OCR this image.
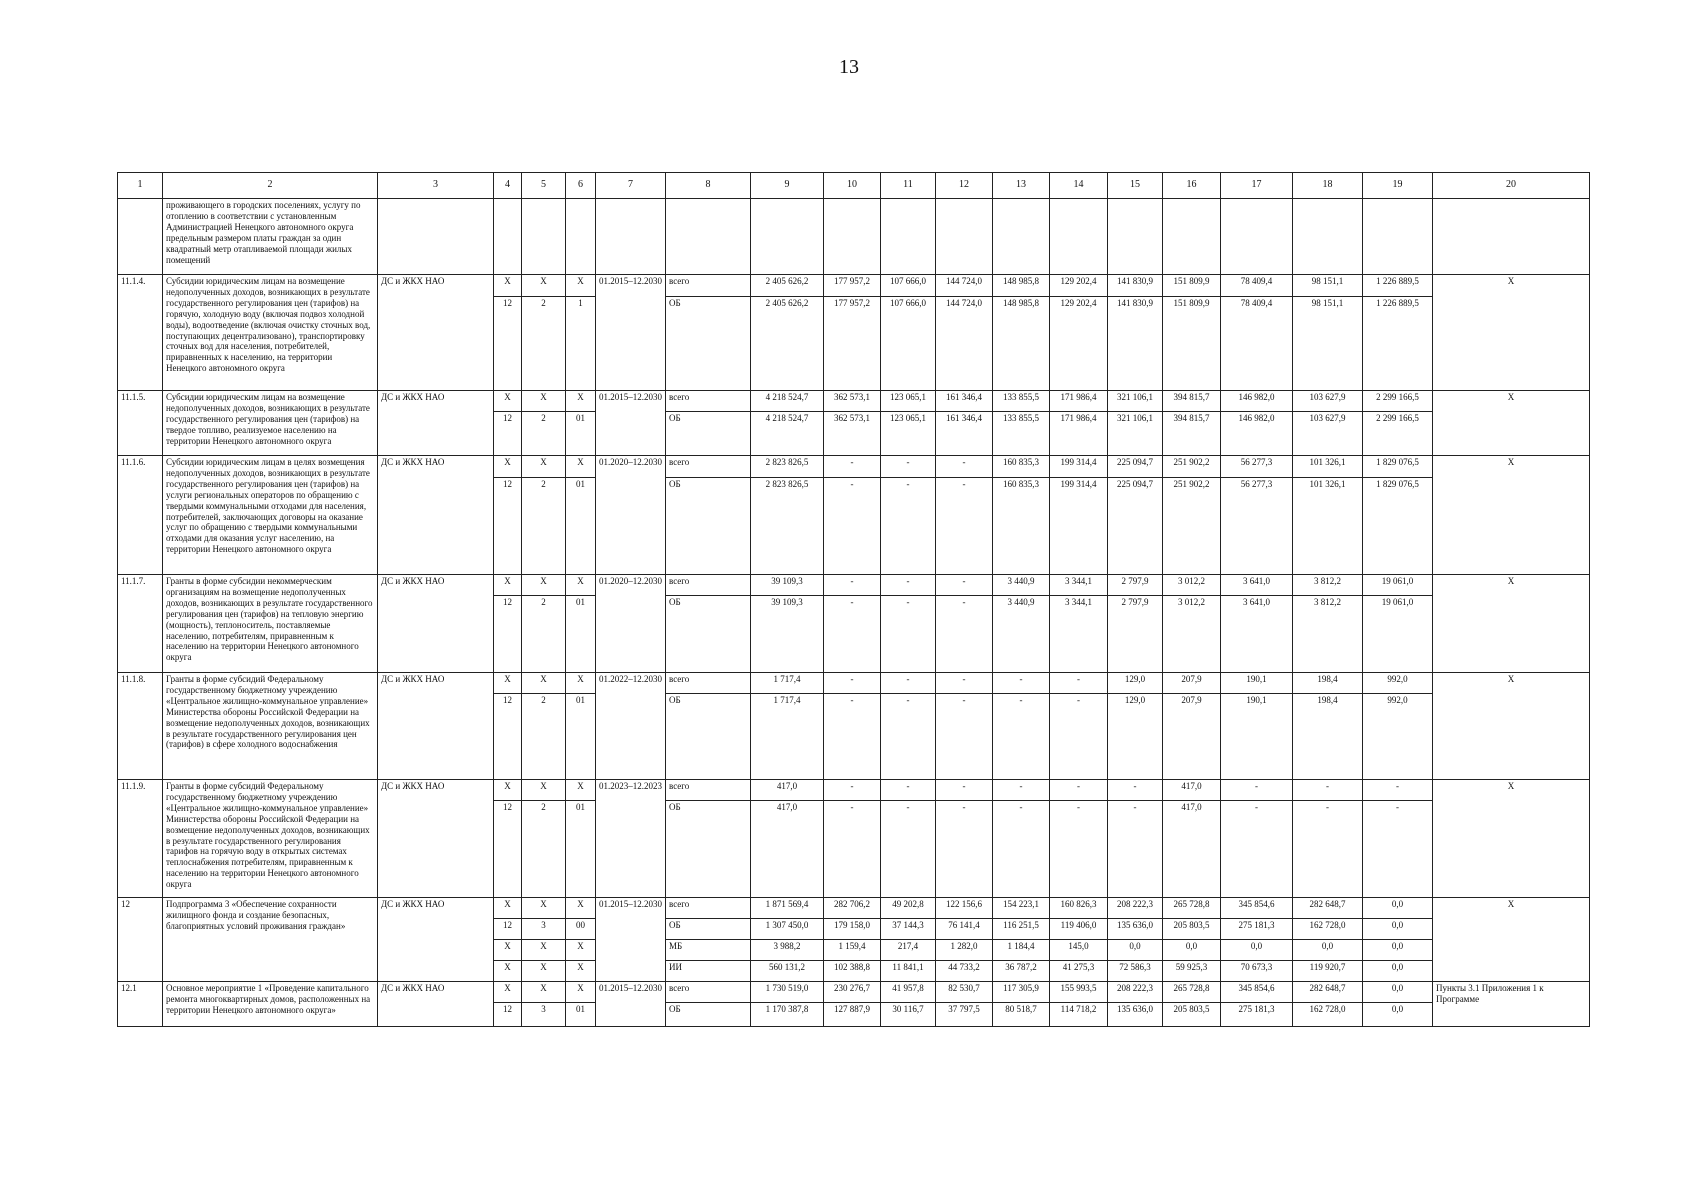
13
1	2	3	4	5	6	7	8	9	10	11	12	13	14	15	16	17	18	19	20
	проживающего в городских поселениях, услугу по отоплению в соответствии с установленным Администрацией Ненецкого автономного округа предельным размером платы граждан за один квадратный метр отапливаемой площади жилых помещений																		
11.1.4.	Субсидии юридическим лицам на возмещение недополученных доходов, возникающих в результате государственного регулирования цен (тарифов) на горячую, холодную воду (включая подвоз холодной воды), водоотведение (включая очистку сточных вод, поступающих децентрализовано), транспортировку сточных вод для населения, потребителей, приравненных к населению, на территории Ненецкого автономного округа	ДС и ЖКХ НАО	X	X	X	01.2015–12.2030	всего	2 405 626,2	177 957,2	107 666,0	144 724,0	148 985,8	129 202,4	141 830,9	151 809,9	78 409,4	98 151,1	1 226 889,5	X
			12	2	1		ОБ	2 405 626,2	177 957,2	107 666,0	144 724,0	148 985,8	129 202,4	141 830,9	151 809,9	78 409,4	98 151,1	1 226 889,5	
11.1.5.	Субсидии юридическим лицам на возмещение недополученных доходов, возникающих в результате государственного регулирования цен (тарифов) на твердое топливо, реализуемое населению на территории Ненецкого автономного округа	ДС и ЖКХ НАО	X	X	X	01.2015–12.2030	всего	4 218 524,7	362 573,1	123 065,1	161 346,4	133 855,5	171 986,4	321 106,1	394 815,7	146 982,0	103 627,9	2 299 166,5	X
			12	2	01		ОБ	4 218 524,7	362 573,1	123 065,1	161 346,4	133 855,5	171 986,4	321 106,1	394 815,7	146 982,0	103 627,9	2 299 166,5	
11.1.6.	Субсидии юридическим лицам в целях возмещения недополученных доходов, возникающих в результате государственного регулирования цен (тарифов) на услуги региональных операторов по обращению с твердыми коммунальными отходами для населения, потребителей, заключающих договоры на оказание услуг по обращению с твердыми коммунальными отходами для оказания услуг населению, на территории Ненецкого автономного округа	ДС и ЖКХ НАО	X	X	X	01.2020–12.2030	всего	2 823 826,5	-	-	-	160 835,3	199 314,4	225 094,7	251 902,2	56 277,3	101 326,1	1 829 076,5	X
			12	2	01		ОБ	2 823 826,5	-	-	-	160 835,3	199 314,4	225 094,7	251 902,2	56 277,3	101 326,1	1 829 076,5	
11.1.7.	Гранты в форме субсидии некоммерческим организациям на возмещение недополученных доходов, возникающих в результате государственного регулирования цен (тарифов) на тепловую энергию (мощность), теплоноситель, поставляемые населению, потребителям, приравненным к населению на территории Ненецкого автономного округа	ДС и ЖКХ НАО	X	X	X	01.2020–12.2030	всего	39 109,3	-	-	-	3 440,9	3 344,1	2 797,9	3 012,2	3 641,0	3 812,2	19 061,0	X
			12	2	01		ОБ	39 109,3	-	-	-	3 440,9	3 344,1	2 797,9	3 012,2	3 641,0	3 812,2	19 061,0	
11.1.8.	Гранты в форме субсидий Федеральному государственному бюджетному учреждению «Центральное жилищно-коммунальное управление» Министерства обороны Российской Федерации на возмещение недополученных доходов, возникающих в результате государственного регулирования цен (тарифов) в сфере холодного водоснабжения	ДС и ЖКХ НАО	X	X	X	01.2022–12.2030	всего	1 717,4	-	-	-	-	-	129,0	207,9	190,1	198,4	992,0	X
			12	2	01		ОБ	1 717,4	-	-	-	-	-	129,0	207,9	190,1	198,4	992,0	
11.1.9.	Гранты в форме субсидий Федеральному государственному бюджетному учреждению «Центральное жилищно-коммунальное управление» Министерства обороны Российской Федерации на возмещение недополученных доходов, возникающих в результате государственного регулирования тарифов на горячую воду в открытых системах теплоснабжения потребителям, приравненным к населению на территории Ненецкого автономного округа	ДС и ЖКХ НАО	X	X	X	01.2023–12.2023	всего	417,0	-	-	-	-	-	-	417,0	-	-	-	X
			12	2	01		ОБ	417,0	-	-	-	-	-	-	417,0	-	-	-	
12	Подпрограмма 3 «Обеспечение сохранности жилищного фонда и создание безопасных, благоприятных условий проживания граждан»	ДС и ЖКХ НАО	X	X	X	01.2015–12.2030	всего	1 871 569,4	282 706,2	49 202,8	122 156,6	154 223,1	160 826,3	208 222,3	265 728,8	345 854,6	282 648,7	0,0	X
			12	3	00		ОБ	1 307 450,0	179 158,0	37 144,3	76 141,4	116 251,5	119 406,0	135 636,0	205 803,5	275 181,3	162 728,0	0,0	
			X	X	X		МБ	3 988,2	1 159,4	217,4	1 282,0	1 184,4	145,0	0,0	0,0	0,0	0,0	0,0	
			X	X	X		ИИ	560 131,2	102 388,8	11 841,1	44 733,2	36 787,2	41 275,3	72 586,3	59 925,3	70 673,3	119 920,7	0,0	
12.1	Основное мероприятие 1 «Проведение капитального ремонта многоквартирных домов, расположенных на территории Ненецкого автономного округа»	ДС и ЖКХ НАО	X	X	X	01.2015–12.2030	всего	1 730 519,0	230 276,7	41 957,8	82 530,7	117 305,9	155 993,5	208 222,3	265 728,8	345 854,6	282 648,7	0,0	Пункты 3.1 Приложения 1 к Программе
			12	3	01		ОБ	1 170 387,8	127 887,9	30 116,7	37 797,5	80 518,7	114 718,2	135 636,0	205 803,5	275 181,3	162 728,0	0,0	
